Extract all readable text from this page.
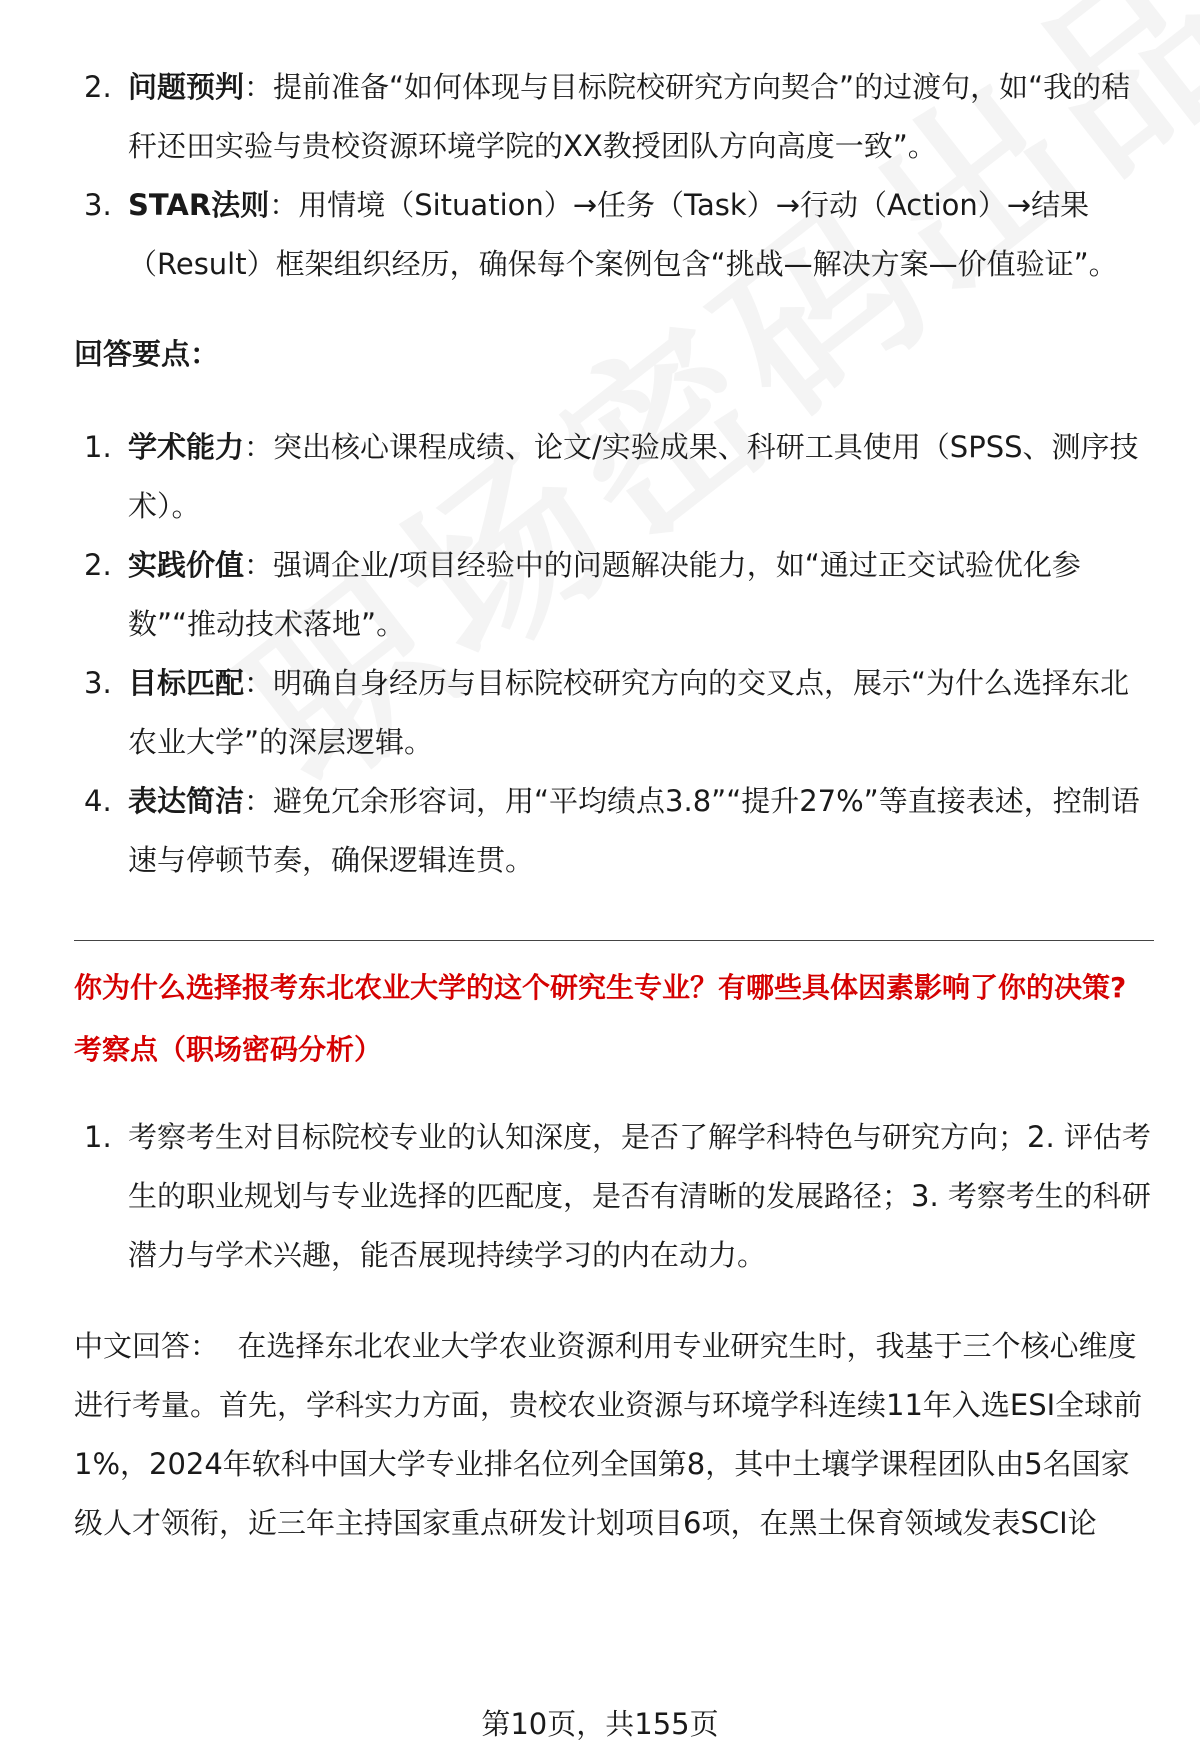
2. 问题预判：提前准备“如何体现与目标院校研究方向契合”的过渡句，如“我的秸秆还田实验与贵校资源环境学院的XX教授团队方向高度一致”。
3. STAR法则：用情境（Situation）→任务（Task）→行动（Action）→结果（Result）框架组织经历，确保每个案例包含“挑战—解决方案—价值验证”。
回答要点：
1. 学术能力：突出核心课程成绩、论文/实验成果、科研工具使用（SPSS、测序技术）。
2. 实践价值：强调企业/项目经验中的问题解决能力，如“通过正交试验优化参数”“推动技术落地”。
3. 目标匹配：明确自身经历与目标院校研究方向的交叉点，展示“为什么选择东北农业大学”的深层逻辑。
4. 表达简洁：避免冗余形容词，用“平均绩点3.8”“提升27%”等直接表述，控制语速与停顿节奏，确保逻辑连贯。
你为什么选择报考东北农业大学的这个研究生专业？有哪些具体因素影响了你的决策?
考察点（职场密码分析）
1. 考察考生对目标院校专业的认知深度，是否了解学科特色与研究方向；2. 评估考生的职业规划与专业选择的匹配度，是否有清晰的发展路径；3. 考察考生的科研潜力与学术兴趣，能否展现持续学习的内在动力。
中文回答： 在选择东北农业大学农业资源利用专业研究生时，我基于三个核心维度进行考量。首先，学科实力方面，贵校农业资源与环境学科连续11年入选ESI全球前1%，2024年软科中国大学专业排名位列全国第8，其中土壤学课程团队由5名国家级人才领衔，近三年主持国家重点研发计划项目6项，在黑土保育领域发表SCI论
第10页，共155页
